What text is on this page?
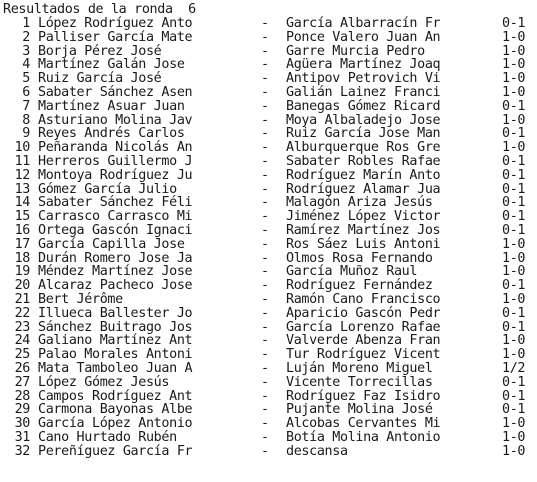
Resultados de la ronda  6
1 López Rodríguez Anto	- García Albarracín Fr	0-1
2 Palliser García Mate	- Ponce Valero Juan An	1-0
3 Borja Pérez José	- Garre Murcia Pedro	1-0
4 Martínez Galán Jose	- Agüera Martínez Joaq	1-0
5 Ruiz García José	- Antipov Petrovich Vi	1-0
6 Sabater Sánchez Asen	- Galián Lainez Franci	1-0
7 Martínez Asuar Juan	- Banegas Gómez Ricard	0-1
8 Asturiano Molina Jav	- Moya Albaladejo Jose	1-0
9 Reyes Andrés Carlos	- Ruiz García Jose Man	0-1
10 Peñaranda Nicolás An	- Alburquerque Ros Gre	1-0
11 Herreros Guillermo J	- Sabater Robles Rafae	0-1
12 Montoya Rodríguez Ju	- Rodríguez Marín Anto	0-1
13 Gómez García Julio	- Rodríguez Alamar Jua	0-1
14 Sabater Sánchez Féli	- Malagón Ariza Jesús	0-1
15 Carrasco Carrasco Mi	- Jiménez López Victor	0-1
16 Ortega Gascón Ignaci	- Ramírez Martínez Jos	0-1
17 García Capilla Jose	- Ros Sáez Luis Antoni	1-0
18 Durán Romero Jose Ja	- Olmos Rosa Fernando	1-0
19 Méndez Martínez Jose	- García Muñoz Raul	1-0
20 Alcaraz Pacheco Jose	- Rodríguez Fernández	0-1
21 Bert Jérôme	- Ramón Cano Francisco	1-0
22 Illueca Ballester Jo	- Aparicio Gascón Pedr	0-1
23 Sánchez Buitrago Jos	- García Lorenzo Rafae	0-1
24 Galiano Martínez Ant	- Valverde Abenza Fran	1-0
25 Palao Morales Antoni	- Tur Rodríguez Vicent	1-0
26 Mata Tamboleo Juan A	- Luján Moreno Miguel	1/2
27 López Gómez Jesús	- Vicente Torrecillas	0-1
28 Campos Rodríguez Ant	- Rodríguez Faz Isidro	0-1
29 Carmona Bayonas Albe	- Pujante Molina José	0-1
30 García López Antonio	- Alcobas Cervantes Mi	1-0
31 Cano Hurtado Rubén	- Botía Molina Antonio	1-0
32 Pereñíguez García Fr	- descansa	1-0
